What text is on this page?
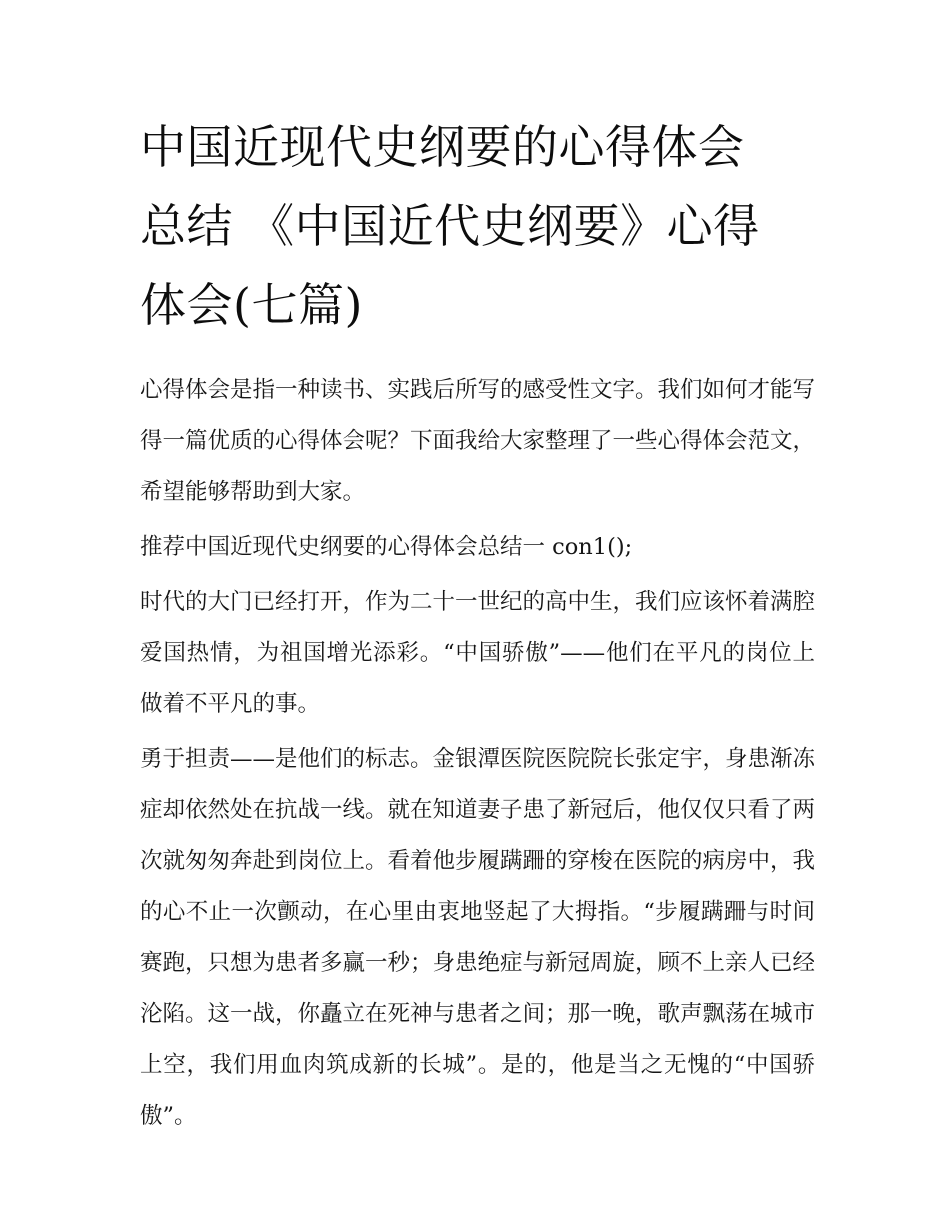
中国近现代史纲要的心得体会
总结 《中国近代史纲要》心得
体会(七篇)

心得体会是指一种读书、实践后所写的感受性文字。我们如何才能写得一篇优质的心得体会呢？下面我给大家整理了一些心得体会范文，希望能够帮助到大家。

推荐中国近现代史纲要的心得体会总结一 con1();

时代的大门已经打开，作为二十一世纪的高中生，我们应该怀着满腔爱国热情，为祖国增光添彩。“中国骄傲”——他们在平凡的岗位上做着不平凡的事。

勇于担责——是他们的标志。金银潭医院医院院长张定宇，身患渐冻症却依然处在抗战一线。就在知道妻子患了新冠后，他仅仅只看了两次就匆匆奔赴到岗位上。看着他步履蹒跚的穿梭在医院的病房中，我的心不止一次颤动，在心里由衷地竖起了大拇指。“步履蹒跚与时间赛跑，只想为患者多赢一秒；身患绝症与新冠周旋，顾不上亲人已经沦陷。这一战，你矗立在死神与患者之间；那一晚，歌声飘荡在城市上空，我们用血肉筑成新的长城”。是的，他是当之无愧的“中国骄傲”。
